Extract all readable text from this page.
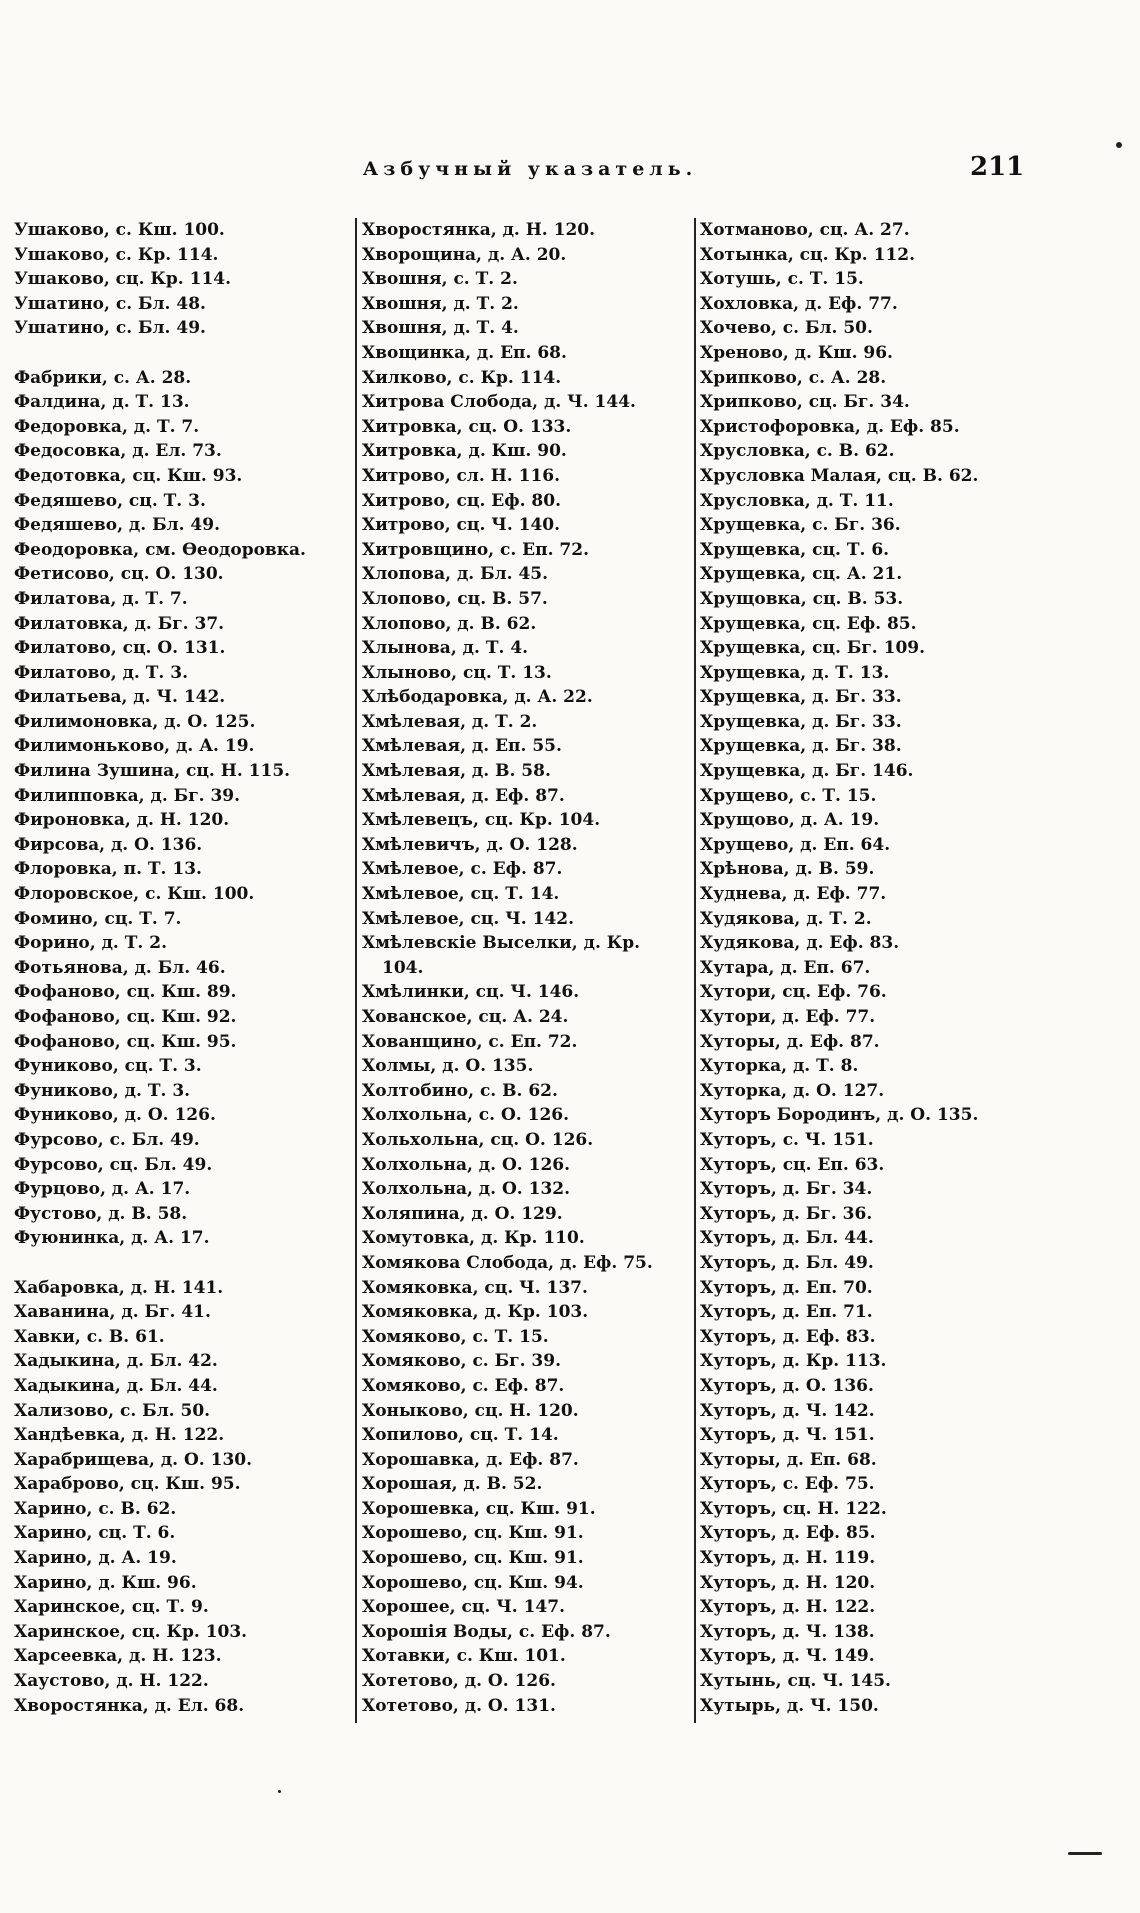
Азбучный указатель.	211
Ушаково, с. Кш. 100.
Ушаково, с. Кр. 114.
Ушаково, сц. Кр. 114.
Ушатино, с. Бл. 48.
Ушатино, с. Бл. 49.
Фабрики, с. А. 28.
Фалдина, д. Т. 13.
Федоровка, д. Т. 7.
Федосовка, д. Ел. 73.
Федотовка, сц. Кш. 93.
Федяшево, сц. Т. 3.
Федяшево, д. Бл. 49.
Феодоровка, см. Өеодоровка.
Фетисово, сц. О. 130.
Филатова, д. Т. 7.
Филатовка, д. Бг. 37.
Филатово, сц. О. 131.
Филатово, д. Т. 3.
Филатьева, д. Ч. 142.
Филимоновка, д. О. 125.
Филимоньково, д. А. 19.
Филина Зушина, сц. Н. 115.
Филипповка, д. Бг. 39.
Фироновка, д. Н. 120.
Фирсова, д. О. 136.
Флоровка, п. Т. 13.
Флоровское, с. Кш. 100.
Фомино, сц. Т. 7.
Форино, д. Т. 2.
Фотьянова, д. Бл. 46.
Фофаново, сц. Кш. 89.
Фофаново, сц. Кш. 92.
Фофаново, сц. Кш. 95.
Фуниково, сц. Т. 3.
Фуниково, д. Т. 3.
Фуниково, д. О. 126.
Фурсово, с. Бл. 49.
Фурсово, сц. Бл. 49.
Фурцово, д. А. 17.
Фустово, д. В. 58.
Фуюнинка, д. А. 17.
Хабаровка, д. Н. 141.
Хаванина, д. Бг. 41.
Хавки, с. В. 61.
Хадыкина, д. Бл. 42.
Хадыкина, д. Бл. 44.
Хализово, с. Бл. 50.
Хандѣевка, д. Н. 122.
Харабрищева, д. О. 130.
Хараброво, сц. Кш. 95.
Харино, с. В. 62.
Харино, сц. Т. 6.
Харино, д. А. 19.
Харино, д. Кш. 96.
Харинское, сц. Т. 9.
Харинское, сц. Кр. 103.
Харсеевка, д. Н. 123.
Хаустово, д. Н. 122.
Хворостянка, д. Ел. 68.
Хворостянка, д. Н. 120.
Хворощина, д. А. 20.
Хвошня, с. Т. 2.
Хвошня, д. Т. 2.
Хвошня, д. Т. 4.
Хвощинка, д. Еп. 68.
Хилково, с. Кр. 114.
Хитрова Слобода, д. Ч. 144.
Хитровка, сц. О. 133.
Хитровка, д. Кш. 90.
Хитрово, сл. Н. 116.
Хитрово, сц. Еф. 80.
Хитрово, сц. Ч. 140.
Хитровщино, с. Еп. 72.
Хлопова, д. Бл. 45.
Хлопово, сц. В. 57.
Хлопово, д. В. 62.
Хлынова, д. Т. 4.
Хлыново, сц. Т. 13.
Хлѣбодаровка, д. А. 22.
Хмѣлевая, д. Т. 2.
Хмѣлевая, д. Еп. 55.
Хмѣлевая, д. В. 58.
Хмѣлевая, д. Еф. 87.
Хмѣлевецъ, сц. Кр. 104.
Хмѣлевичъ, д. О. 128.
Хмѣлевое, с. Еф. 87.
Хмѣлевое, сц. Т. 14.
Хмѣлевое, сц. Ч. 142.
Хмѣлевскіе Выселки, д. Кр.
104.
Хмѣлинки, сц. Ч. 146.
Хованское, сц. А. 24.
Хованщино, с. Еп. 72.
Холмы, д. О. 135.
Холтобино, с. В. 62.
Холхольна, с. О. 126.
Хольхольна, сц. О. 126.
Холхольна, д. О. 126.
Холхольна, д. О. 132.
Холяпина, д. О. 129.
Хомутовка, д. Кр. 110.
Хомякова Слобода, д. Еф. 75.
Хомяковка, сц. Ч. 137.
Хомяковка, д. Кр. 103.
Хомяково, с. Т. 15.
Хомяково, с. Бг. 39.
Хомяково, с. Еф. 87.
Хоныково, сц. Н. 120.
Хопилово, сц. Т. 14.
Хорошавка, д. Еф. 87.
Хорошая, д. В. 52.
Хорошевка, сц. Кш. 91.
Хорошево, сц. Кш. 91.
Хорошево, сц. Кш. 91.
Хорошево, сц. Кш. 94.
Хорошее, сц. Ч. 147.
Хорошія Воды, с. Еф. 87.
Хотавки, с. Кш. 101.
Хотетово, д. О. 126.
Хотетово, д. О. 131.
Хотманово, сц. А. 27.
Хотынка, сц. Кр. 112.
Хотушь, с. Т. 15.
Хохловка, д. Еф. 77.
Хочево, с. Бл. 50.
Хреново, д. Кш. 96.
Хрипково, с. А. 28.
Хрипково, сц. Бг. 34.
Христофоровка, д. Еф. 85.
Хрусловка, с. В. 62.
Хрусловка Малая, сц. В. 62.
Хрусловка, д. Т. 11.
Хрущевка, с. Бг. 36.
Хрущевка, сц. Т. 6.
Хрущевка, сц. А. 21.
Хрущовка, сц. В. 53.
Хрущевка, сц. Еф. 85.
Хрущевка, сц. Бг. 109.
Хрущевка, д. Т. 13.
Хрущевка, д. Бг. 33.
Хрущевка, д. Бг. 33.
Хрущевка, д. Бг. 38.
Хрущевка, д. Бг. 146.
Хрущево, с. Т. 15.
Хрущово, д. А. 19.
Хрущево, д. Еп. 64.
Хрѣнова, д. В. 59.
Худнева, д. Еф. 77.
Худякова, д. Т. 2.
Худякова, д. Еф. 83.
Хутара, д. Еп. 67.
Хутори, сц. Еф. 76.
Хутори, д. Еф. 77.
Хуторы, д. Еф. 87.
Хуторка, д. Т. 8.
Хуторка, д. О. 127.
Хуторъ Бородинъ, д. О. 135.
Хуторъ, с. Ч. 151.
Хуторъ, сц. Еп. 63.
Хуторъ, д. Бг. 34.
Хуторъ, д. Бг. 36.
Хуторъ, д. Бл. 44.
Хуторъ, д. Бл. 49.
Хуторъ, д. Еп. 70.
Хуторъ, д. Еп. 71.
Хуторъ, д. Еф. 83.
Хуторъ, д. Кр. 113.
Хуторъ, д. О. 136.
Хуторъ, д. Ч. 142.
Хуторъ, д. Ч. 151.
Хуторы, д. Еп. 68.
Хуторъ, с. Еф. 75.
Хуторъ, сц. Н. 122.
Хуторъ, д. Еф. 85.
Хуторъ, д. Н. 119.
Хуторъ, д. Н. 120.
Хуторъ, д. Н. 122.
Хуторъ, д. Ч. 138.
Хуторъ, д. Ч. 149.
Хутынь, сц. Ч. 145.
Хутырь, д. Ч. 150.
